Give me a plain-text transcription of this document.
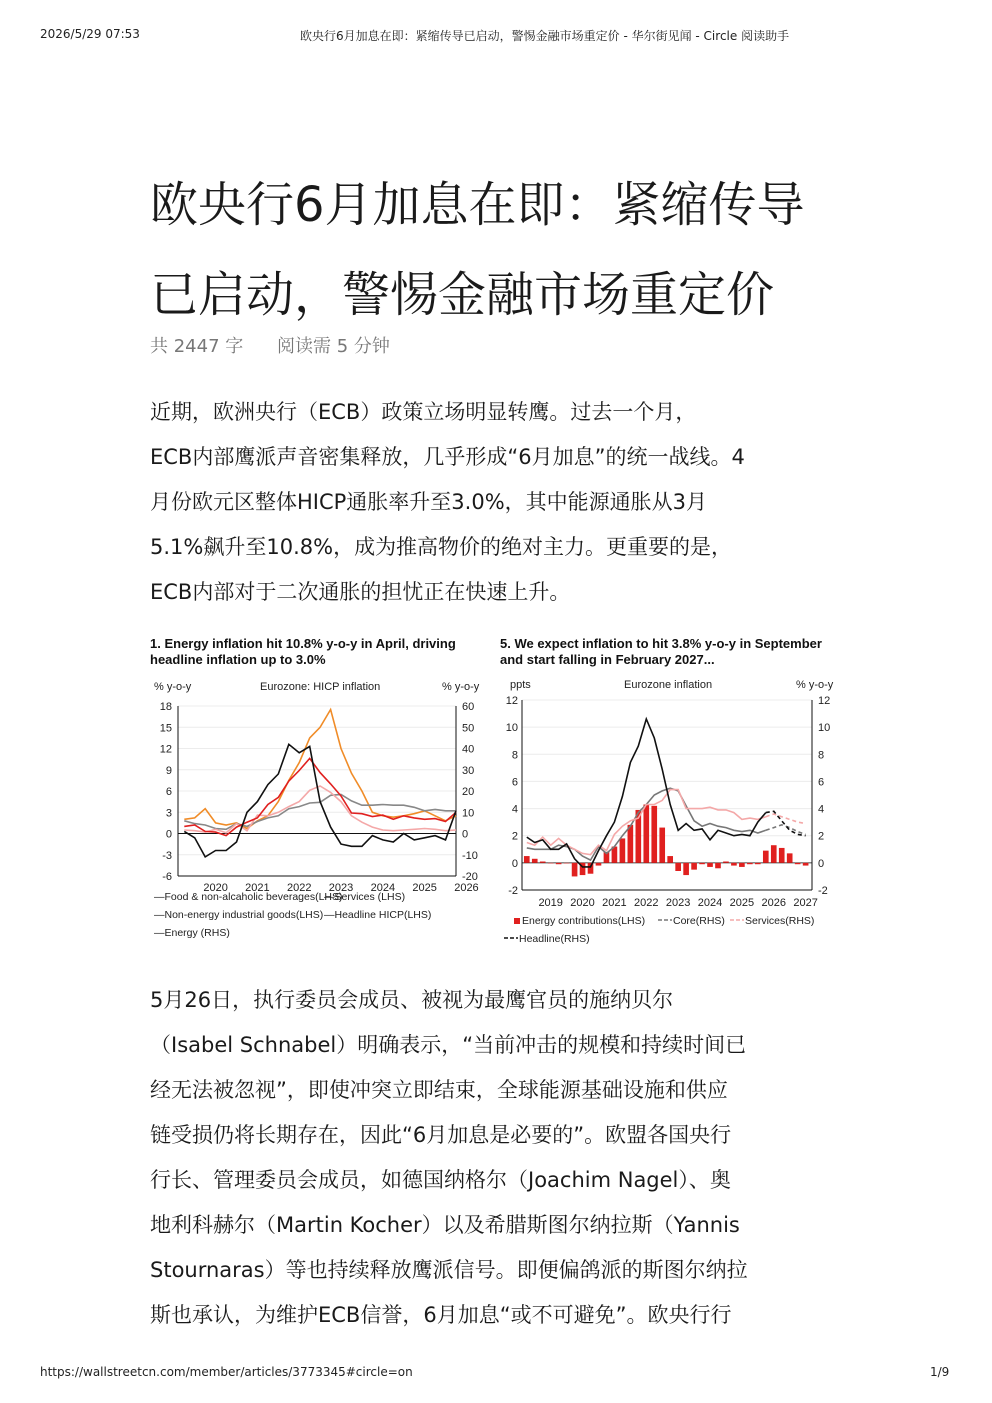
2026/5/29 07:53	欧央行6月加息在即：紧缩传导已启动，警惕金融市场重定价 - 华尔街见闻 - Circle 阅读助手
欧央行6月加息在即：紧缩传导
已启动，警惕金融市场重定价
共 2447 字 阅读需 5 分钟
近期，欧洲央行（ECB）政策立场明显转鹰。过去一个月，
ECB内部鹰派声音密集释放，几乎形成“6月加息”的统一战线。4
月份欧元区整体HICP通胀率升至3.0%，其中能源通胀从3月
5.1%飙升至10.8%，成为推高物价的绝对主力。更重要的是，
ECB内部对于二次通胀的担忧正在快速上升。

1. Energy inflation hit 10.8% y-o-y in April, driving headline inflation up to 3.0%

% y-o-y	Eurozone: HICP inflation	% y-o-y
18
15
12
9
6
3
0
-3
-6
60
50
40
30
20
10
0
-10
-20
2020 2021 2022 2023 2024 2025 2026
—Food & non-alcaholic beverages(LHS)
—Services (LHS)
—Non-energy industrial goods(LHS) —Headline HICP(LHS)
—Energy (RHS)

5. We expect inflation to hit 3.8% y-o-y in September and start falling in February 2027...

ppts	Eurozone inflation	% y-o-y
12	12
10	10
8	8
6	6
4	4
2	2
0	0
-2	-2
2019 2020 2021 2022 2023 2024 2025 2026 2027
Energy contributions(LHS)	Core(RHS) Services(RHS)
Headline(RHS)
5月26日，执行委员会成员、被视为最鹰官员的施纳贝尔
（Isabel Schnabel）明确表示，“当前冲击的规模和持续时间已
经无法被忽视”，即使冲突立即结束，全球能源基础设施和供应
链受损仍将长期存在，因此“6月加息是必要的”。欧盟各国央行
行长、管理委员会成员，如德国纳格尔（Joachim Nagel）、奥
地利科赫尔（Martin Kocher）以及希腊斯图尔纳拉斯（Yannis
Stournaras）等也持续释放鹰派信号。即便偏鸽派的斯图尔纳拉
斯也承认，为维护ECB信誉，6月加息“或不可避免”。欧央行行
https://wallstreetcn.com/member/articles/3773345#circle=on	1/9
